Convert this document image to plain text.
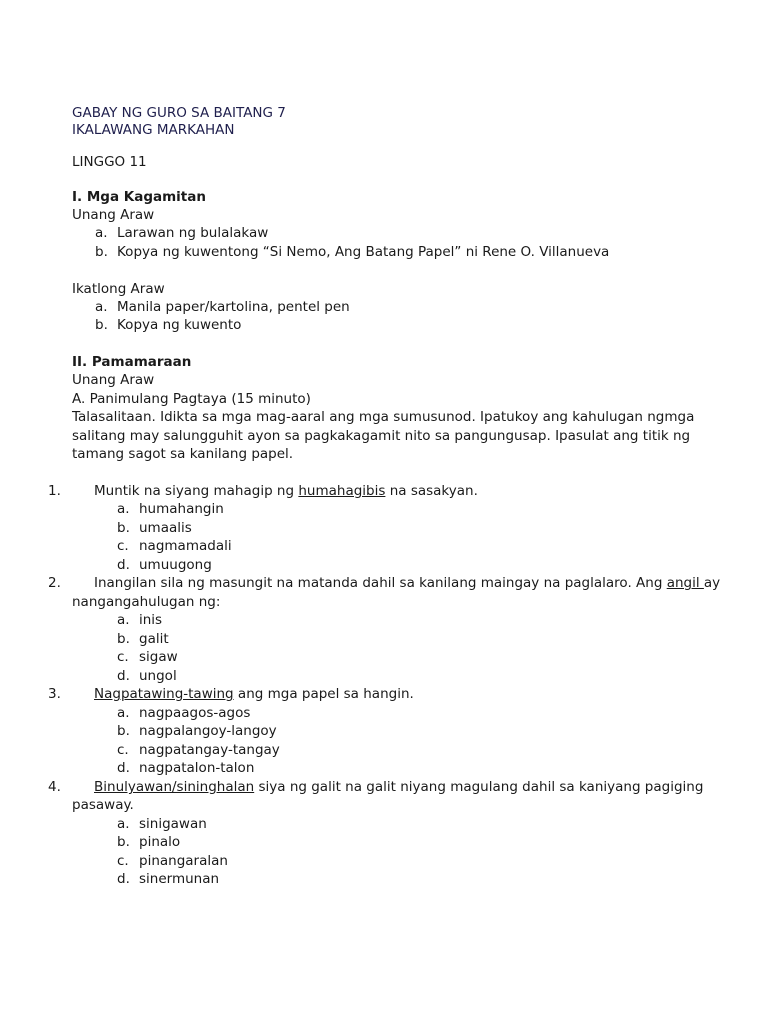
GABAY NG GURO SA BAITANG 7
IKALAWANG MARKAHAN
LINGGO 11
I. Mga Kagamitan
Unang Araw
a. Larawan ng bulalakaw
b. Kopya ng kuwentong “Si Nemo, Ang Batang Papel” ni Rene O. Villanueva
Ikatlong Araw
a. Manila paper/kartolina, pentel pen
b. Kopya ng kuwento
II. Pamamaraan
Unang Araw
A. Panimulang Pagtaya (15 minuto)
Talasalitaan. Idikta sa mga mag-aaral ang mga sumusunod. Ipatukoy ang kahulugan ngmga
salitang may salungguhit ayon sa pagkakagamit nito sa pangungusap. Ipasulat ang titik ng
tamang sagot sa kanilang papel.
1. Muntik na siyang mahagip ng humahagibis na sasakyan.
a. humahangin
b. umaalis
c. nagmamadali
d. umuugong
2. Inangilan sila ng masungit na matanda dahil sa kanilang maingay na paglalaro. Ang angil ay
nangangahulugan ng:
a. inis
b. galit
c. sigaw
d. ungol
3. Nagpatawing-tawing ang mga papel sa hangin.
a. nagpaagos-agos
b. nagpalangoy-langoy
c. nagpatangay-tangay
d. nagpatalon-talon
4. Binulyawan/sininghalan siya ng galit na galit niyang magulang dahil sa kaniyang pagiging
pasaway.
a. sinigawan
b. pinalo
c. pinangaralan
d. sinermunan
